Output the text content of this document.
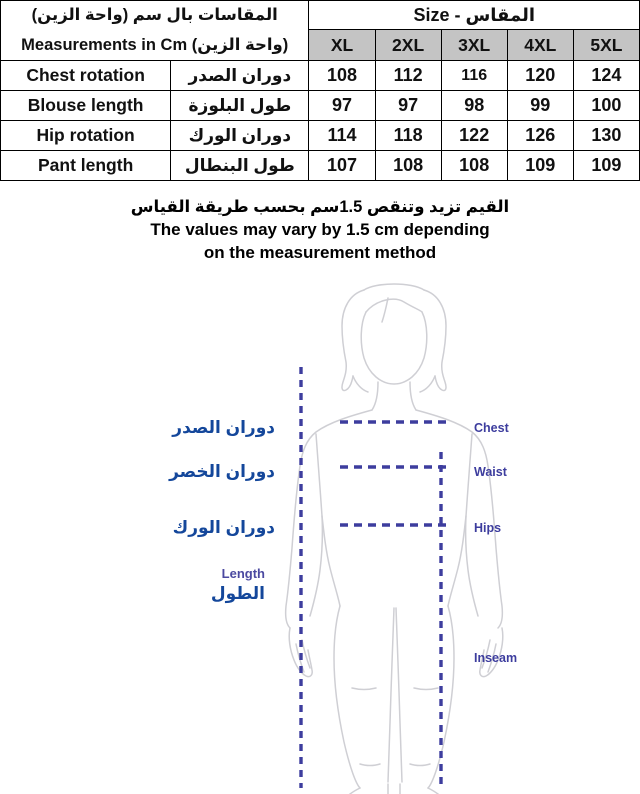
المقاسات بال سم (واحة الزين)		المقاس - Size				
Measurements in Cm (واحة الزين)		XL	2XL	3XL	4XL	5XL
Chest rotation	دوران الصدر	108	112	116	120	124
Blouse length	طول البلوزة	97	97	98	99	100
Hip rotation	دوران الورك	114	118	122	126	130
Pant length	طول البنطال	107	108	108	109	109
القيم تزيد وتنقص 1.5سم بحسب طريقة القياس
The values may vary by 1.5 cm depending
on the measurement method
دوران الصدر
دوران الخصر
دوران الورك
Length
الطول
Chest
Waist
Hips
Inseam
